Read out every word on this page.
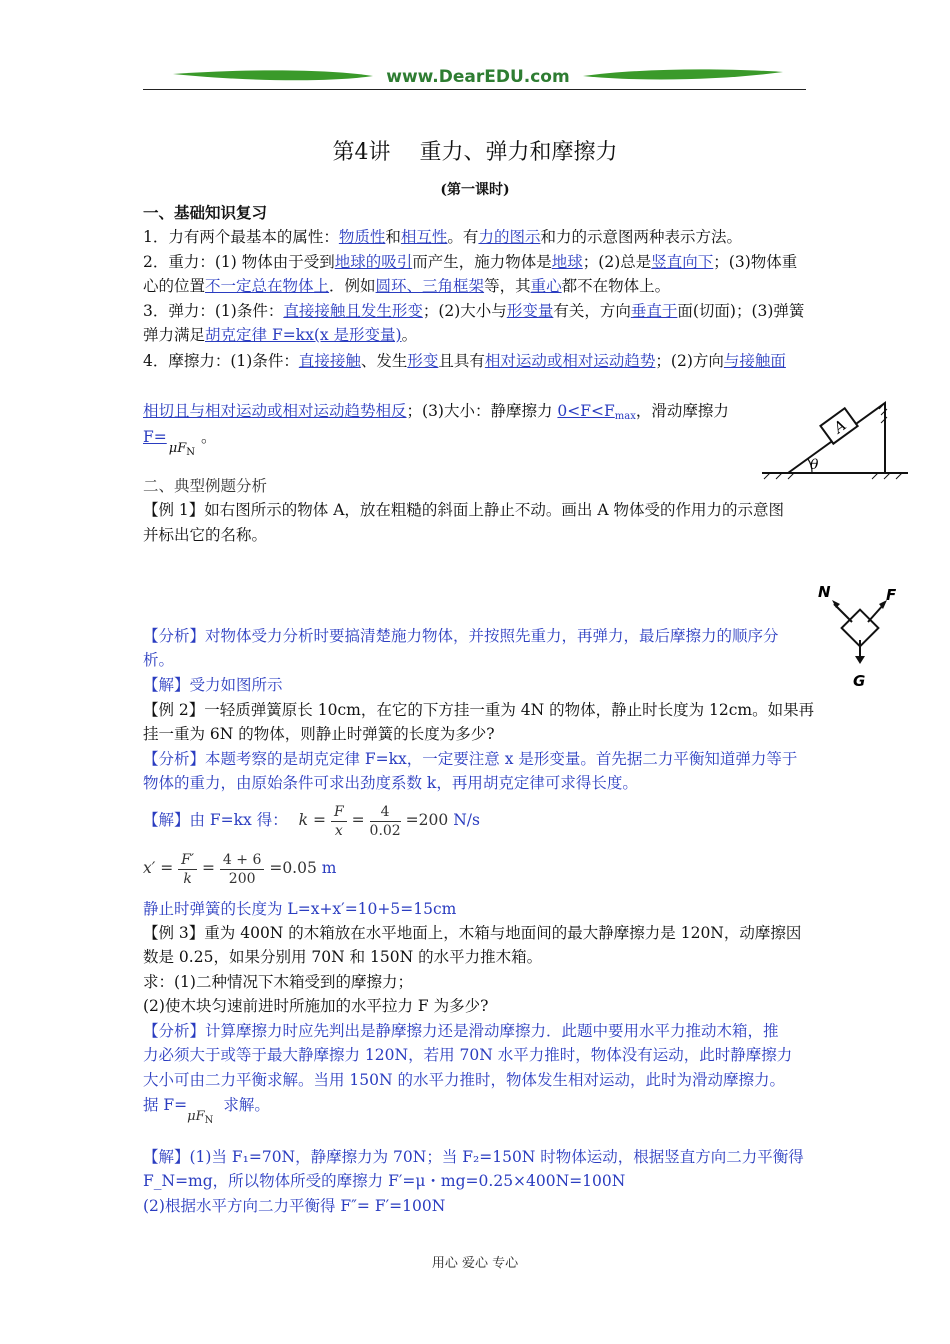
www.DearEDU.com
第4讲　 重力、弹力和摩擦力
(第一课时)
一、基础知识复习
1．力有两个最基本的属性：物质性和相互性。有力的图示和力的示意图两种表示方法。
2．重力：(1) 物体由于受到地球的吸引而产生，施力物体是地球；(2)总是竖直向下；(3)物体重
心的位置不一定总在物体上．例如圆环、三角框架等，其重心都不在物体上。
3．弹力：(1)条件：直接接触且发生形变；(2)大小与形变量有关，方向垂直于面(切面)；(3)弹簧
弹力满足胡克定律 F=kx(x 是形变量)。
4．摩擦力：(1)条件：直接接触、发生形变且具有相对运动或相对运动趋势；(2)方向与接触面
相切且与相对运动或相对运动趋势相反；(3)大小：静摩擦力 $0<F<F_{max}$，滑动摩擦力
$F=_{\mu FN}$。
θ
A
二、典型例题分析
【例 1】如右图所示的物体 A，放在粗糙的斜面上静止不动。画出 A 物体受的作用力的示意图
并标出它的名称。
N	F
G
【分析】对物体受力分析时要搞清楚施力物体，并按照先重力，再弹力，最后摩擦力的顺序分
析。
【解】受力如图所示
【例 2】一轻质弹簧原长 10cm，在它的下方挂一重为 4N 的物体，静止时长度为 12cm。如果再
挂一重为 6N 的物体，则静止时弹簧的长度为多少?
【分析】本题考察的是胡克定律 F=kx，一定要注意 x 是形变量。首先据二力平衡知道弹力等于
物体的重力，由原始条件可求出劲度系数 k，再用胡克定律可求得长度。
【解】由 F=kx 得： $k = \frac{F}{x} = \frac{4}{0.02} =200$ N/s
$x' = \frac{F'}{k} = \frac{4 + 6}{200} =0.05$ m
静止时弹簧的长度为 L=x+x′=10+5=15cm
【例 3】重为 400N 的木箱放在水平地面上，木箱与地面间的最大静摩擦力是 120N，动摩擦因
数是 0.25，如果分别用 70N 和 150N 的水平力推木箱。
求：(1)二种情况下木箱受到的摩擦力；
(2)使木块匀速前进时所施加的水平拉力 F 为多少?
【分析】计算摩擦力时应先判出是静摩擦力还是滑动摩擦力．此题中要用水平力推动木箱，推
力必须大于或等于最大静摩擦力 120N，若用 70N 水平力推时，物体没有运动，此时静摩擦力
大小可由二力平衡求解。当用 150N 的水平力推时，物体发生相对运动，此时为滑动摩擦力。
据 $F=_{\mu FN}$求解。
【解】(1)当 F₁=70N，静摩擦力为 70N；当 F₂=150N 时物体运动，根据竖直方向二力平衡得
F_N=mg，所以物体所受的摩擦力 F′=μ・mg=0.25×400N=100N
(2)根据水平方向二力平衡得 F″= F′=100N
用心 爱心 专心
